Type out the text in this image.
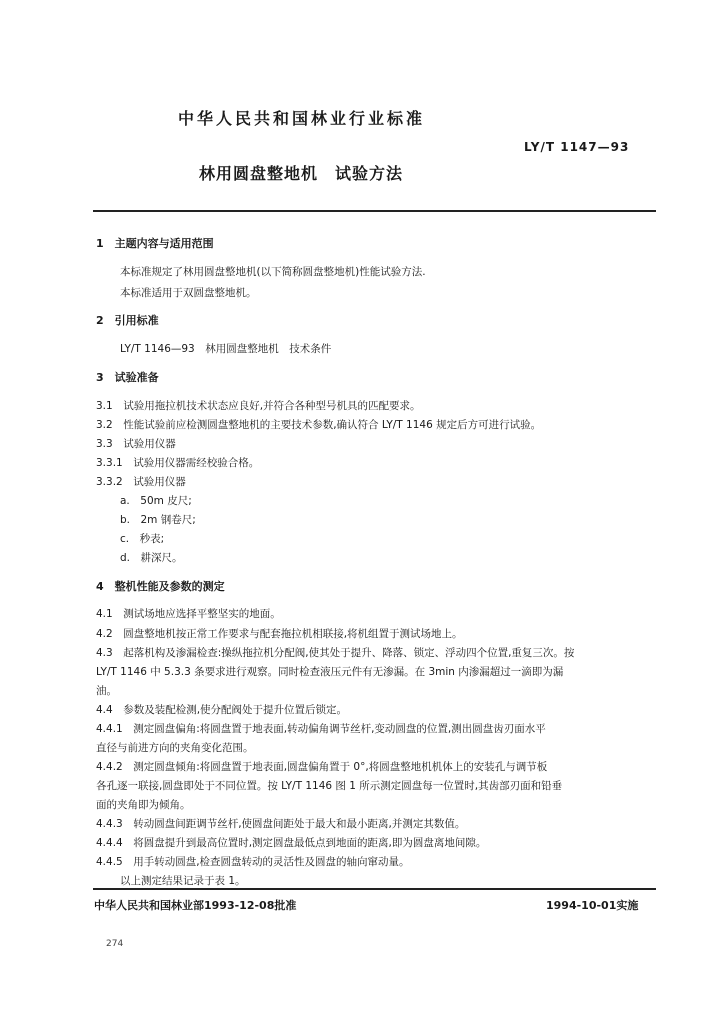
中华人民共和国林业行业标准
LY/T 1147—93
林用圆盘整地机　试验方法
1　主题内容与适用范围
本标准规定了林用圆盘整地机(以下简称圆盘整地机)性能试验方法.
本标准适用于双圆盘整地机。
2　引用标准
LY/T 1146—93　林用圆盘整地机　技术条件
3　试验准备
3.1　试验用拖拉机技术状态应良好,并符合各种型号机具的匹配要求。
3.2　性能试验前应检测圆盘整地机的主要技术参数,确认符合 LY/T 1146 规定后方可进行试验。
3.3　试验用仪器
3.3.1　试验用仪器需经校验合格。
3.3.2　试验用仪器
a.　50m 皮尺;
b.　2m 钢卷尺;
c.　秒表;
d.　耕深尺。
4　整机性能及参数的测定
4.1　测试场地应选择平整坚实的地面。
4.2　圆盘整地机按正常工作要求与配套拖拉机相联接,将机组置于测试场地上。
4.3　起落机构及渗漏检查:操纵拖拉机分配阀,使其处于提升、降落、锁定、浮动四个位置,重复三次。按
LY/T 1146 中 5.3.3 条要求进行观察。同时检查液压元件有无渗漏。在 3min 内渗漏超过一滴即为漏
油。
4.4　参数及装配检测,使分配阀处于提升位置后锁定。
4.4.1　测定圆盘偏角:将圆盘置于地表面,转动偏角调节丝杆,变动圆盘的位置,测出圆盘齿刃面水平
直径与前进方向的夹角变化范围。
4.4.2　测定圆盘倾角:将圆盘置于地表面,圆盘偏角置于 0°,将圆盘整地机机体上的安装孔与调节板
各孔逐一联接,圆盘即处于不同位置。按 LY/T 1146 图 1 所示测定圆盘每一位置时,其齿部刃面和铅垂
面的夹角即为倾角。
4.4.3　转动圆盘间距调节丝杆,使圆盘间距处于最大和最小距离,并测定其数值。
4.4.4　将圆盘提升到最高位置时,测定圆盘最低点到地面的距离,即为圆盘离地间隙。
4.4.5　用手转动圆盘,检查圆盘转动的灵活性及圆盘的轴向窜动量。
以上测定结果记录于表 1。
中华人民共和国林业部1993-12-08批准	1994-10-01实施
274
